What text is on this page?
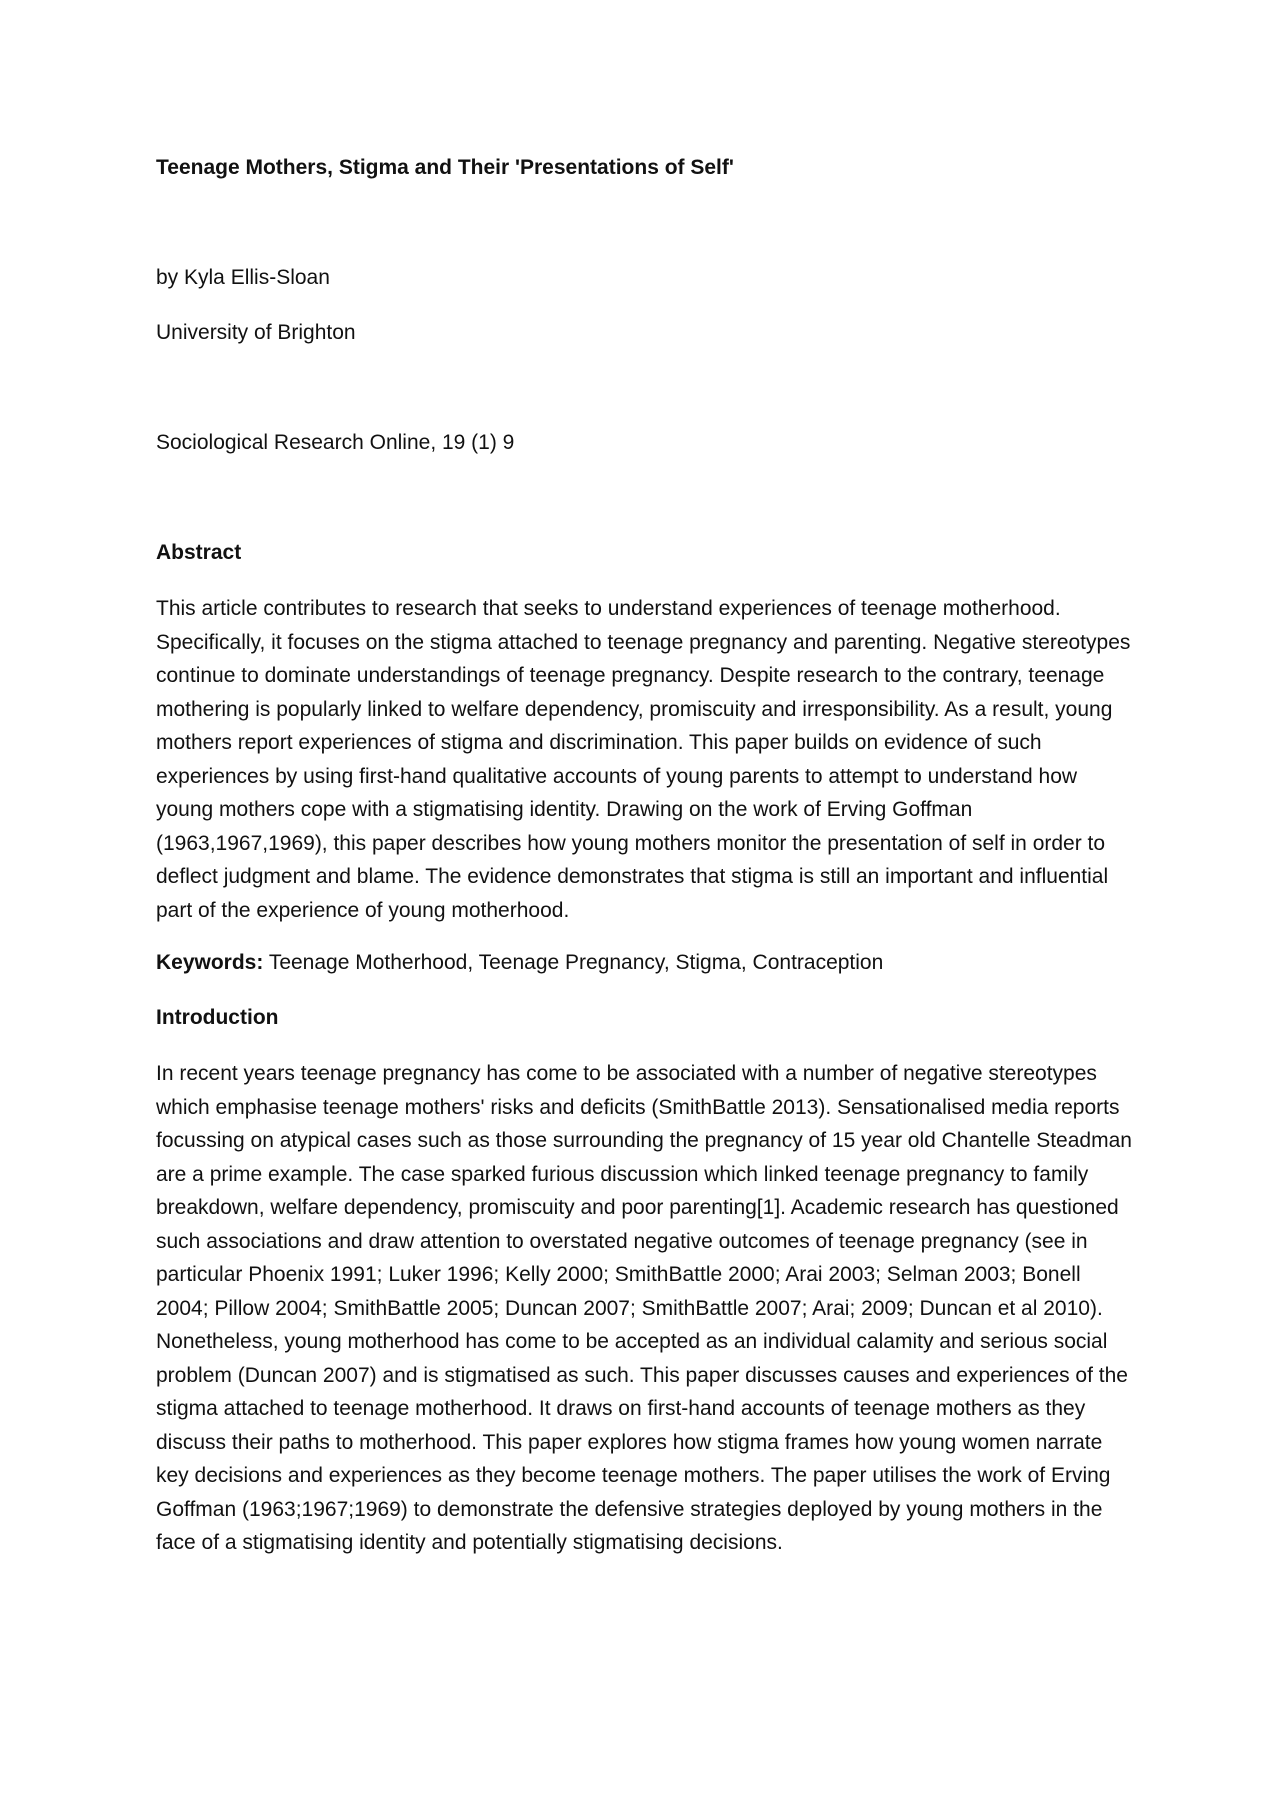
Teenage Mothers, Stigma and Their 'Presentations of Self'
by Kyla Ellis-Sloan
University of Brighton
Sociological Research Online, 19 (1) 9
Abstract
This article contributes to research that seeks to understand experiences of teenage motherhood. Specifically, it focuses on the stigma attached to teenage pregnancy and parenting. Negative stereotypes continue to dominate understandings of teenage pregnancy. Despite research to the contrary, teenage mothering is popularly linked to welfare dependency, promiscuity and irresponsibility. As a result, young mothers report experiences of stigma and discrimination. This paper builds on evidence of such experiences by using first-hand qualitative accounts of young parents to attempt to understand how young mothers cope with a stigmatising identity. Drawing on the work of Erving Goffman (1963,1967,1969), this paper describes how young mothers monitor the presentation of self in order to deflect judgment and blame. The evidence demonstrates that stigma is still an important and influential part of the experience of young motherhood.
Keywords: Teenage Motherhood, Teenage Pregnancy, Stigma, Contraception
Introduction
In recent years teenage pregnancy has come to be associated with a number of negative stereotypes which emphasise teenage mothers' risks and deficits (SmithBattle 2013). Sensationalised media reports focussing on atypical cases such as those surrounding the pregnancy of 15 year old Chantelle Steadman are a prime example. The case sparked furious discussion which linked teenage pregnancy to family breakdown, welfare dependency, promiscuity and poor parenting[1]. Academic research has questioned such associations and draw attention to overstated negative outcomes of teenage pregnancy (see in particular Phoenix 1991; Luker 1996; Kelly 2000; SmithBattle 2000; Arai 2003; Selman 2003; Bonell 2004; Pillow 2004; SmithBattle 2005; Duncan 2007; SmithBattle 2007; Arai; 2009; Duncan et al 2010). Nonetheless, young motherhood has come to be accepted as an individual calamity and serious social problem (Duncan 2007) and is stigmatised as such. This paper discusses causes and experiences of the stigma attached to teenage motherhood. It draws on first-hand accounts of teenage mothers as they discuss their paths to motherhood. This paper explores how stigma frames how young women narrate key decisions and experiences as they become teenage mothers. The paper utilises the work of Erving Goffman (1963;1967;1969) to demonstrate the defensive strategies deployed by young mothers in the face of a stigmatising identity and potentially stigmatising decisions.
